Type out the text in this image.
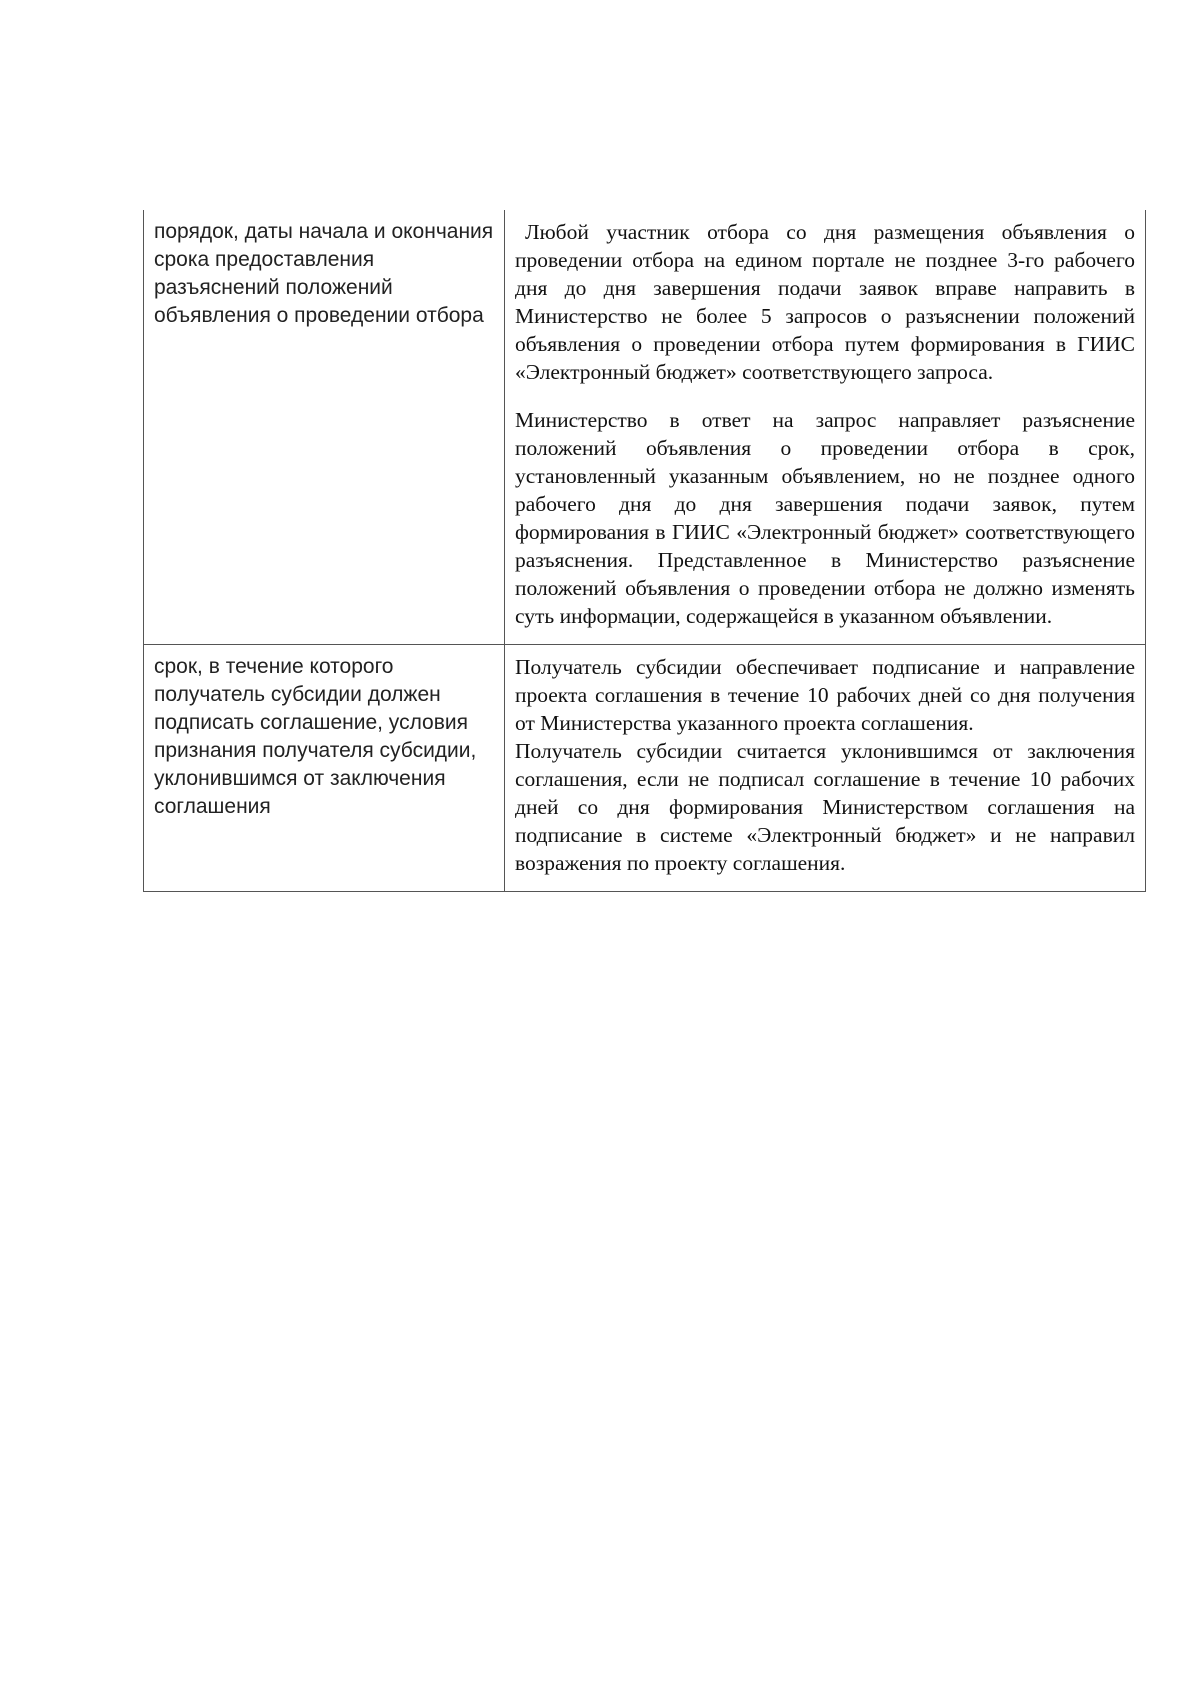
порядок, даты начала и окончания срока предоставления разъяснений положений объявления о проведении отбора	Любой участник отбора со дня размещения объявления о проведении отбора на едином портале не позднее 3-го рабочего дня до дня завершения подачи заявок вправе направить в Министерство не более 5 запросов о разъяснении положений объявления о проведении отбора путем формирования в ГИИС «Электронный бюджет» соответствующего запроса.

Министерство в ответ на запрос направляет разъяснение положений объявления о проведении отбора в срок, установленный указанным объявлением, но не позднее одного рабочего дня до дня завершения подачи заявок, путем формирования в ГИИС «Электронный бюджет» соответствующего разъяснения. Представленное в Министерство разъяснение положений объявления о проведении отбора не должно изменять суть информации, содержащейся в указанном объявлении.

срок, в течение которого получатель субсидии должен подписать соглашение, условия признания получателя субсидии, уклонившимся от заключения соглашения	Получатель субсидии обеспечивает подписание и направление проекта соглашения в течение 10 рабочих дней со дня получения от Министерства указанного проекта соглашения.

Получатель субсидии считается уклонившимся от заключения соглашения, если не подписал соглашение в течение 10 рабочих дней со дня формирования Министерством соглашения на подписание в системе «Электронный бюджет» и не направил возражения по проекту соглашения.
